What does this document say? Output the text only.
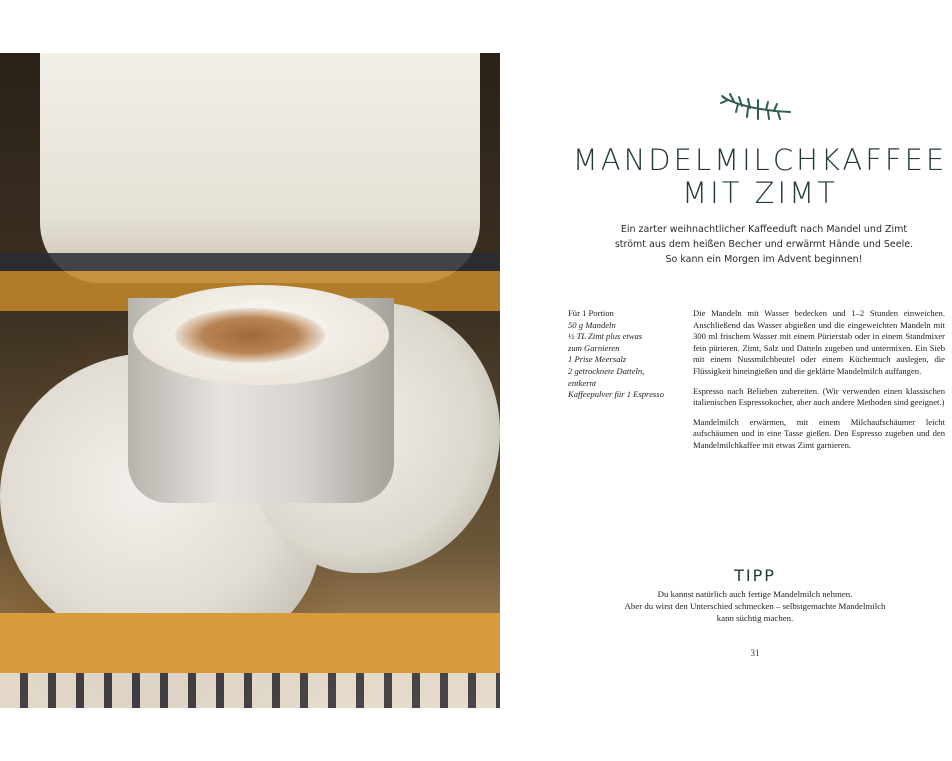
MANDELMILCHKAFFEE
MIT ZIMT
Ein zarter weihnachtlicher Kaffeeduft nach Mandel und Zimt
strömt aus dem heißen Becher und erwärmt Hände und Seele.
So kann ein Morgen im Advent beginnen!
Für 1 Portion
50 g Mandeln
½ TL Zimt plus etwas
zum Garnieren
1 Prise Meersalz
2 getrocknete Datteln,
entkernt
Kaffeepulver für 1 Espresso

Die Mandeln mit Wasser bedecken und 1–2 Stunden einweichen. Anschließend das Wasser abgießen und die eingeweichten Mandeln mit 300 ml frischem Wasser mit einem Pürierstab oder in einem Standmixer fein pürieren. Zimt, Salz und Datteln zugeben und untermixen. Ein Sieb mit einem Nussmilchbeutel oder einem Küchentuch auslegen, die Flüssigkeit hineingießen und die geklärte Mandelmilch auffangen.

Espresso nach Belieben zubereiten. (Wir verwenden einen klassischen italienischen Espressokocher, aber auch andere Methoden sind geeignet.)

Mandelmilch erwärmen, mit einem Milchaufschäumer leicht aufschäumen und in eine Tasse gießen. Den Espresso zugeben und den Mandelmilchkaffee mit etwas Zimt garnieren.

TIPP
Du kannst natürlich auch fertige Mandelmilch nehmen.
Aber du wirst den Unterschied schmecken – selbstgemachte Mandelmilch
kann süchtig machen.
31
